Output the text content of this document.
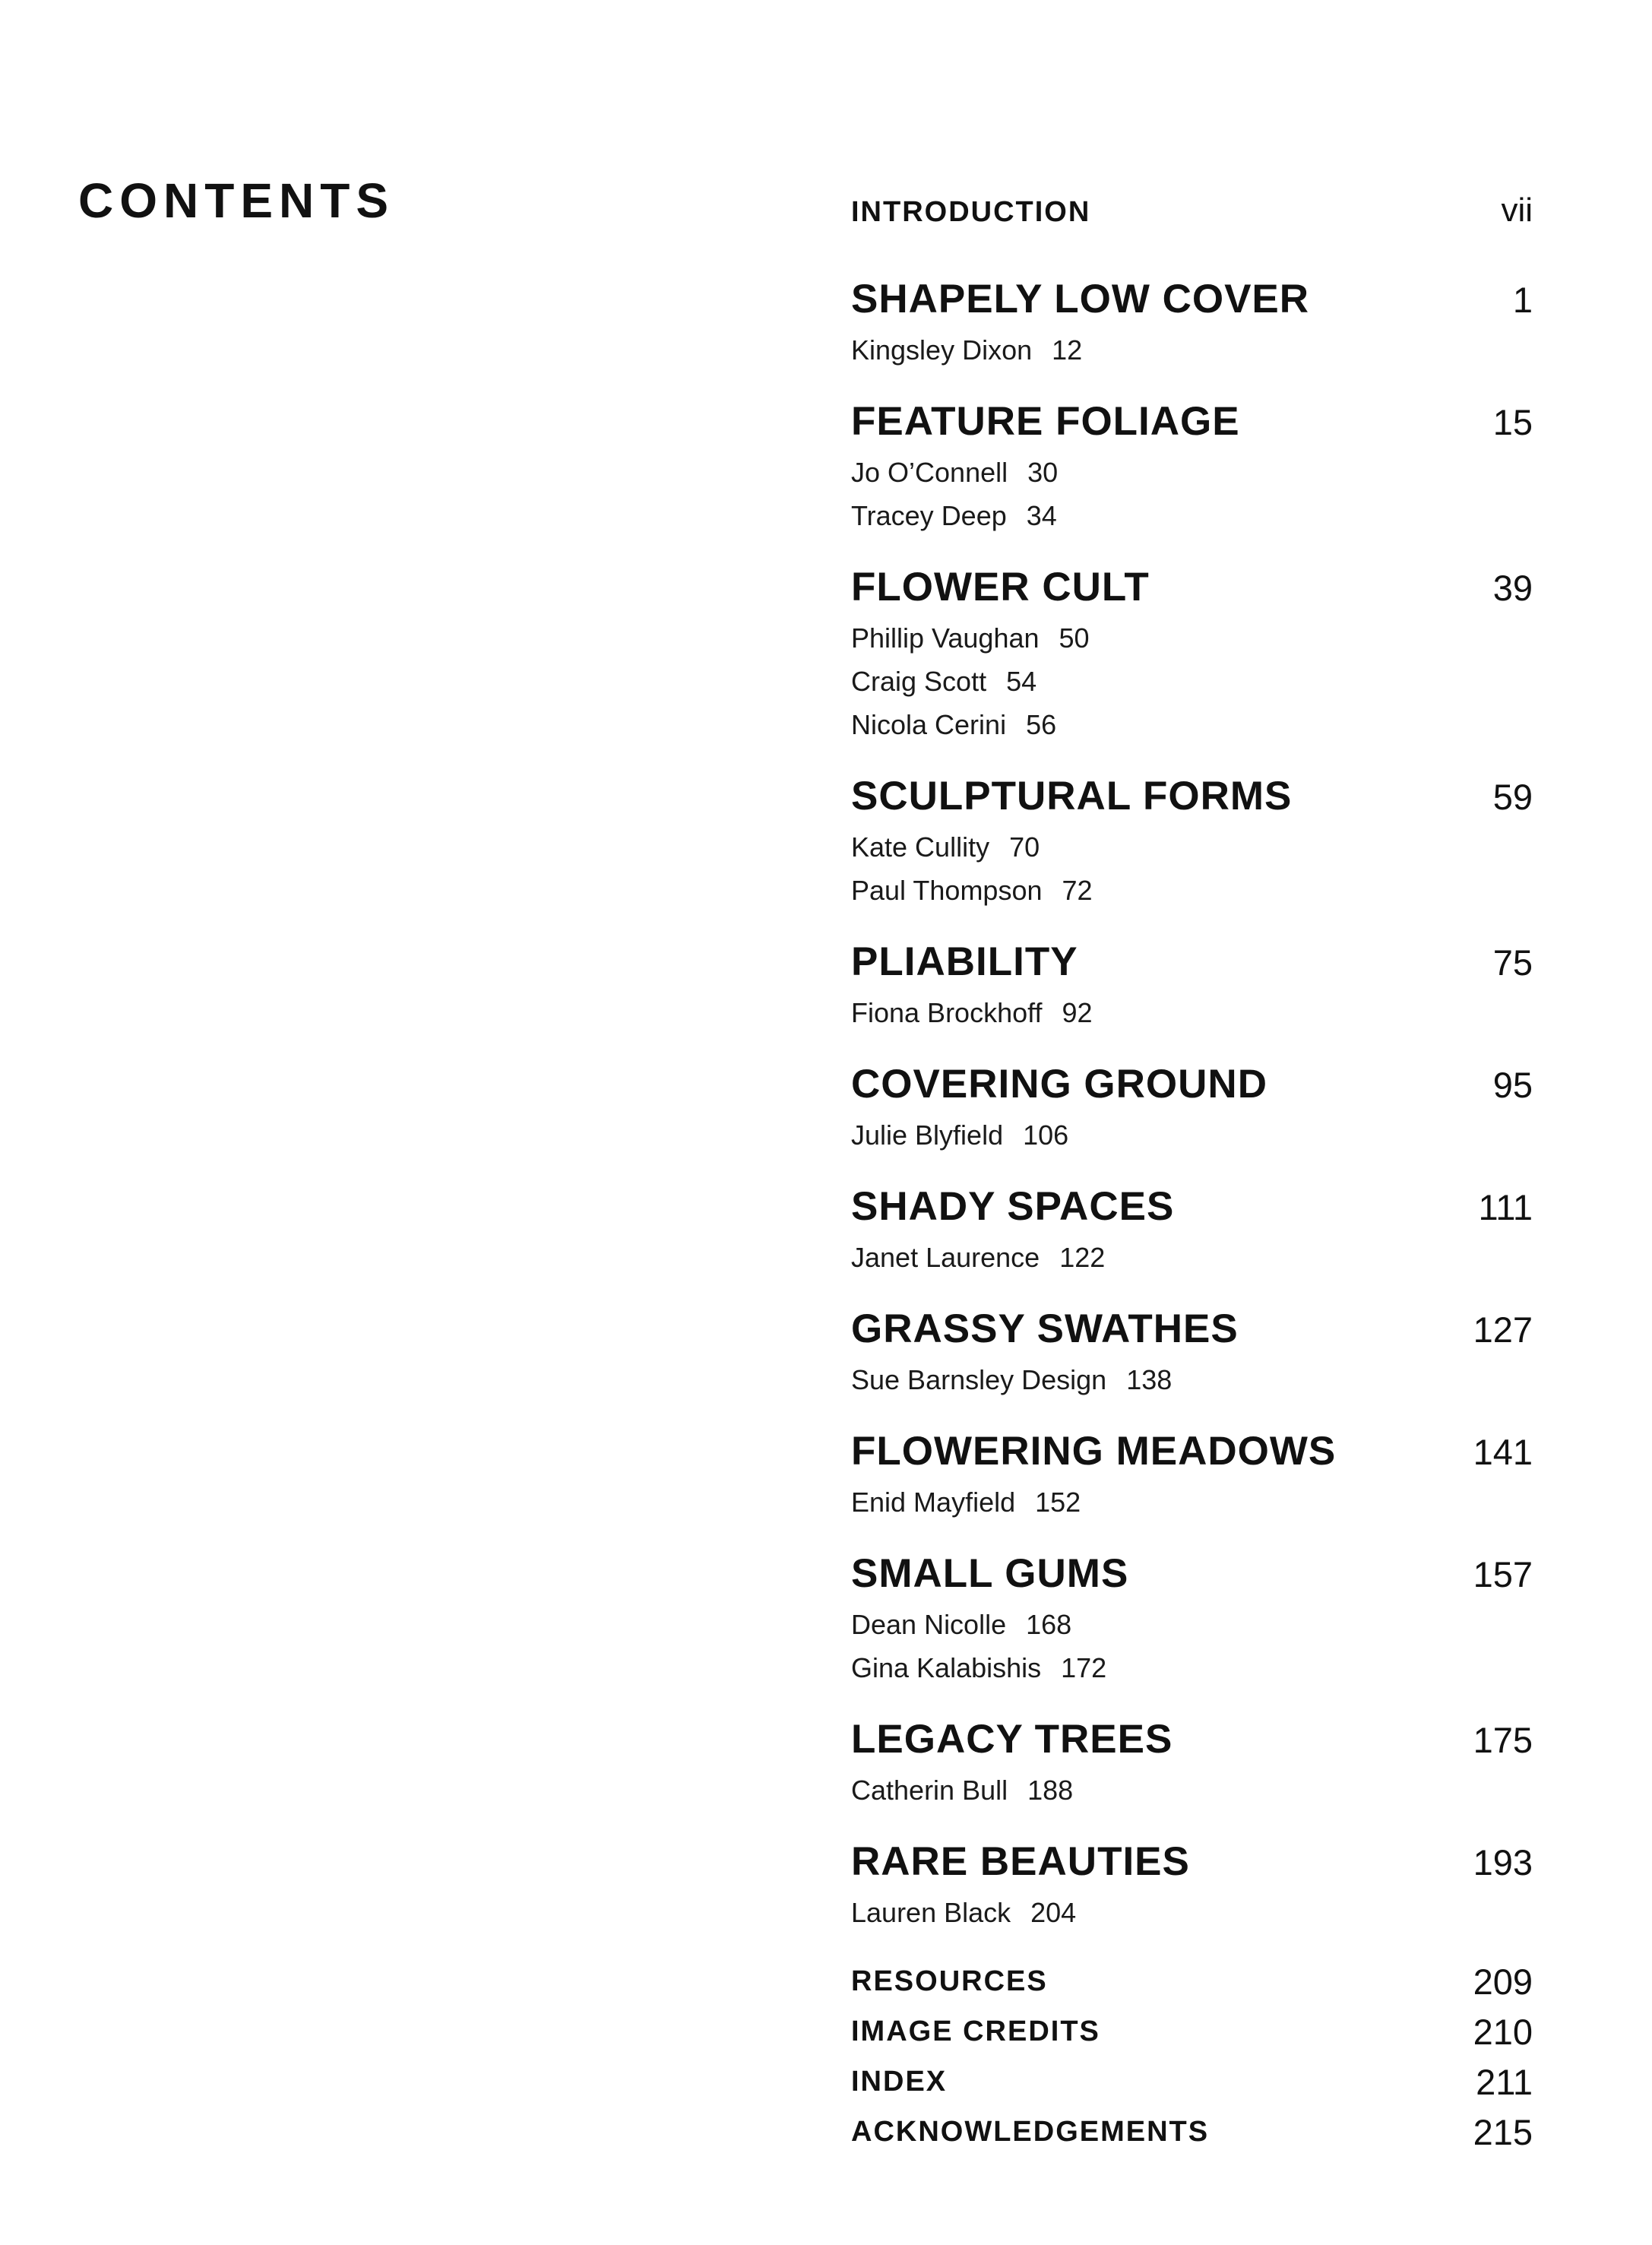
CONTENTS	INTRODUCTION	vii
SHAPELY LOW COVER	1
Kingsley Dixon 12
FEATURE FOLIAGE	15
Jo O’Connell 30
Tracey Deep 34
FLOWER CULT	39
Phillip Vaughan 50
Craig Scott 54
Nicola Cerini 56
SCULPTURAL FORMS	59
Kate Cullity 70
Paul Thompson 72
PLIABILITY	75
Fiona Brockhoff 92
COVERING GROUND	95
Julie Blyfield 106
SHADY SPACES	111
Janet Laurence 122
GRASSY SWATHES	127
Sue Barnsley Design 138
FLOWERING MEADOWS	141
Enid Mayfield 152
SMALL GUMS	157
Dean Nicolle 168
Gina Kalabishis 172
LEGACY TREES	175
Catherin Bull 188
RARE BEAUTIES	193
Lauren Black 204
RESOURCES	209
IMAGE CREDITS	210
INDEX	211
ACKNOWLEDGEMENTS	215
